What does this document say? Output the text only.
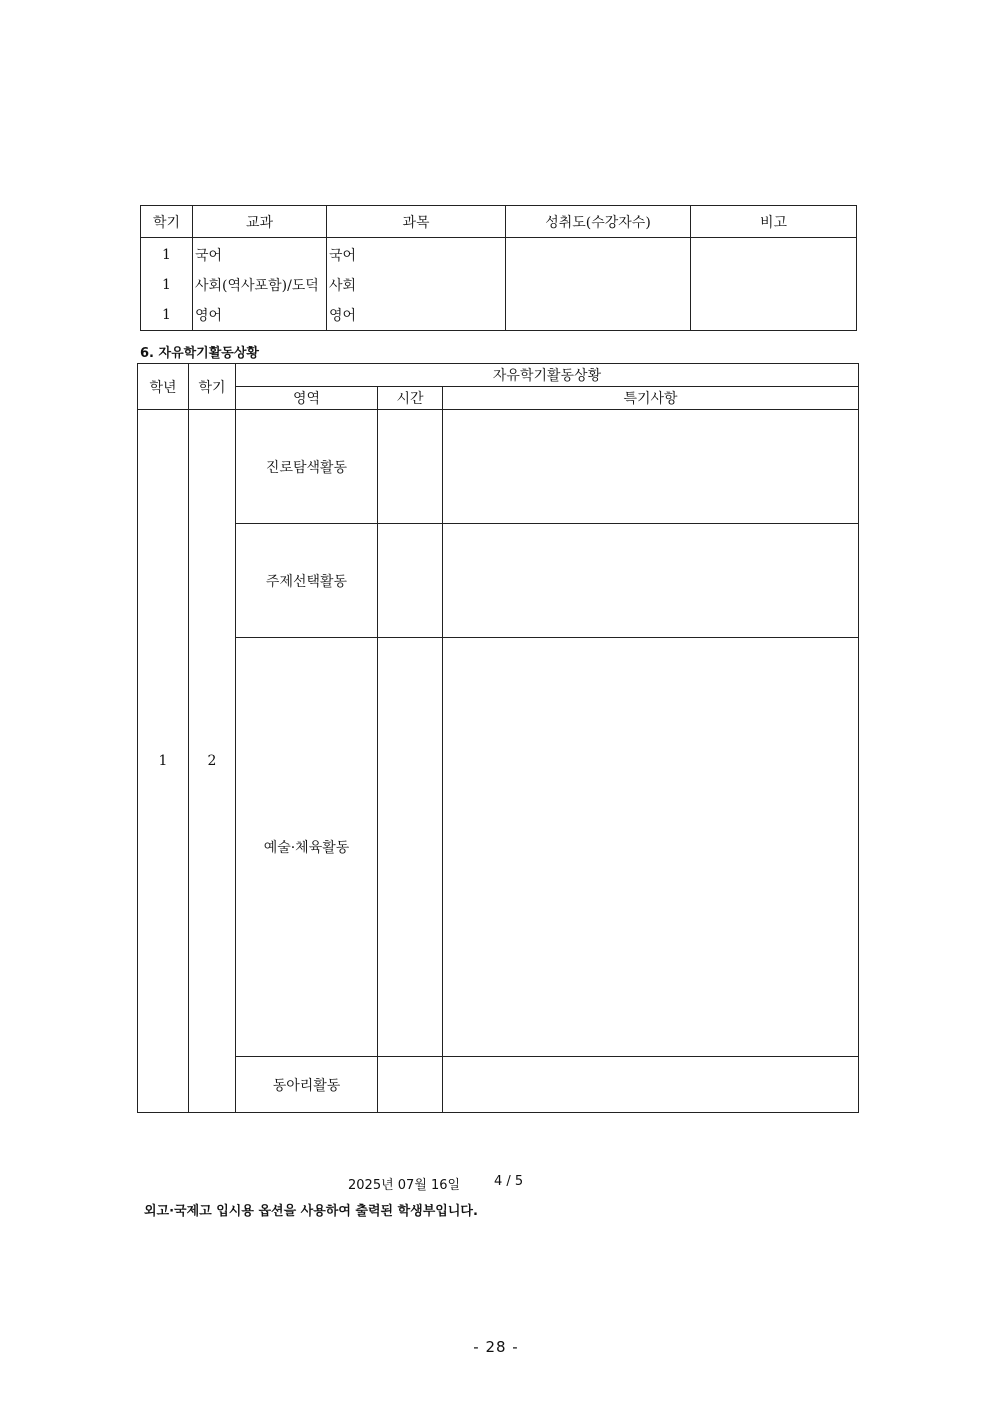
학기	교과	과목	성취도(수강자수)	비고
1	국어	국어		
1	사회(역사포함)/도덕	사회		
1	영어	영어		
6. 자유학기활동상황
학년	학기	자유학기활동상황		
		영역	시간	특기사항
1	2	진로탐색활동		
		주제선택활동		
		예술·체육활동		
		동아리활동		
2025년 07월 16일	4 / 5
외고·국제고 입시용 옵션을 사용하여 출력된 학생부입니다.
- 28 -
